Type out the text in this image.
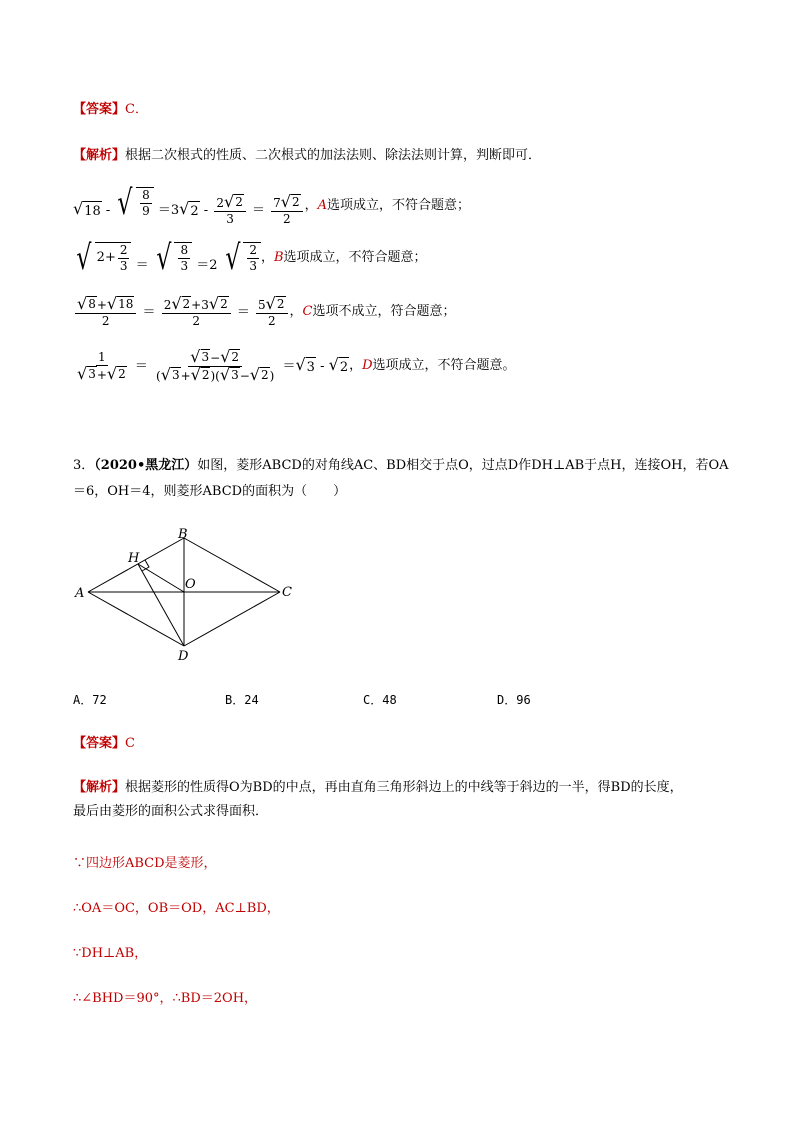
【答案】C．
【解析】根据二次根式的性质、二次根式的加法法则、除法法则计算，判断即可．
√ 18 ‑ √ $\frac{8}{9} =3$ √ 2 ‑ $\frac{2 √ 2}{3} = \frac{7 √ 2}{2}$ ， A 选项成立，不符合题意；
√ $2+ \frac{2}{3}$ ＝ √ $\frac{8}{3} =2$ √ $\frac{2}{3}$ ， B 选项成立，不符合题意；
$\frac{√ 8 + √ 18}{2} = \frac{2 √ 2 +3 √ 2}{2} = \frac{5 √ 2}{2}$ ， C 选项不成立，符合题意；
$\frac{1}{√ 3 + √ 2} = \frac{√ 3 - √ 2}{( √ 3 + √ 2 )( √ 3 - √ 2 )}$ ＝ √ 3 ‑ √ 2 ， D 选项成立，不符合题意。
3．（2020•黑龙江）如图，菱形ABCD的对角线AC、BD相交于点O，过点D作DH⊥AB于点H，连接OH，若OA
＝6，OH＝4，则菱形ABCD的面积为（　　）
B
C
A
D
H
O
A．72	B．24	C．48	D．96
【答案】C
【解析】根据菱形的性质得O为BD的中点，再由直角三角形斜边上的中线等于斜边的一半，得BD的长度，
最后由菱形的面积公式求得面积．
∵四边形ABCD是菱形，
∴OA＝OC，OB＝OD，AC⊥BD，
∵DH⊥AB，
∴∠BHD＝90°，∴BD＝2OH，
